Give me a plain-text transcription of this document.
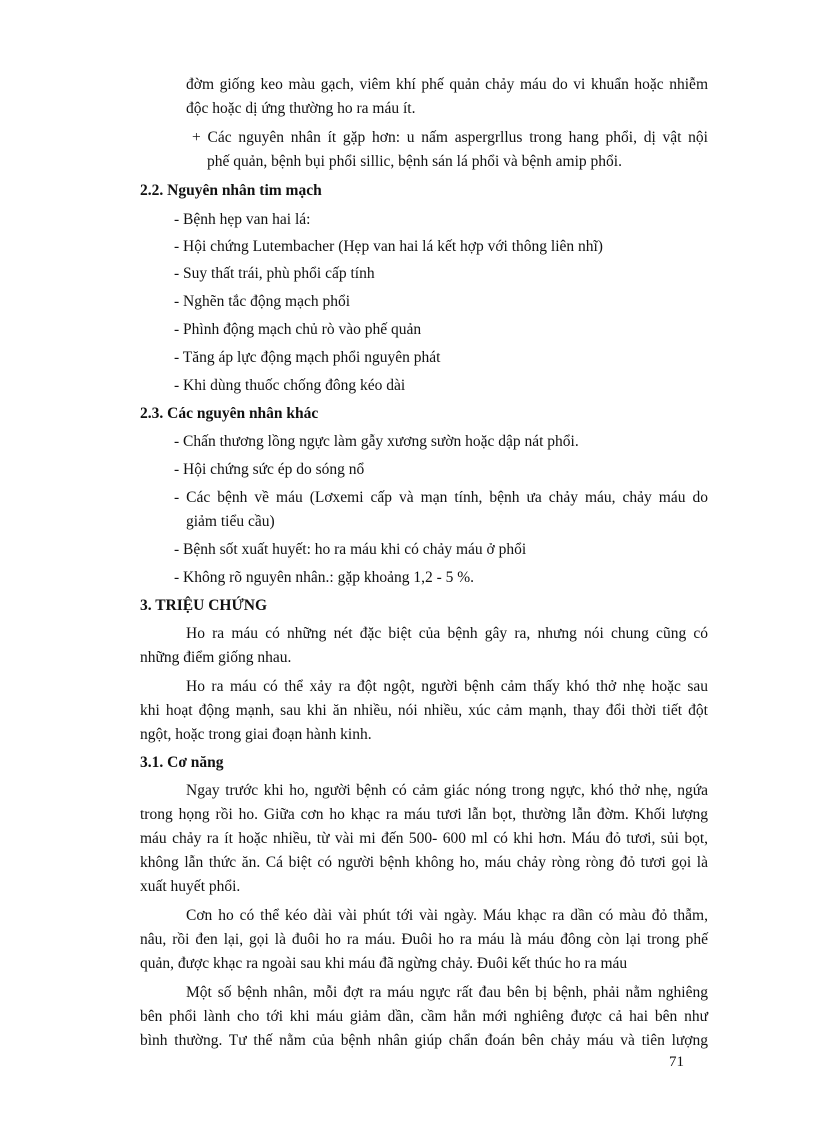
đờm giống keo màu gạch, viêm khí phế quản chảy máu do vi khuẩn hoặc nhiễm
độc hoặc dị ứng thường ho ra máu ít.
+ Các nguyên nhân ít gặp hơn: u nấm aspergrllus trong hang phổi, dị vật nội
phế quản, bệnh bụi phổi sillic, bệnh sán lá phổi và bệnh amip phổi.
2.2. Nguyên nhân tim mạch
- Bệnh hẹp van hai lá:
- Hội chứng Lutembacher (Hẹp van hai lá kết hợp với thông liên nhĩ)
- Suy thất trái, phù phổi cấp tính
- Nghẽn tắc động mạch phổi
- Phình động mạch chủ rò vào phế quản
- Tăng áp lực động mạch phổi nguyên phát
- Khi dùng thuốc chống đông kéo dài
2.3. Các nguyên nhân khác
- Chấn thương lồng ngực làm gẫy xương sườn hoặc dập nát phổi.
- Hội chứng sức ép do sóng nổ
- Các bệnh về máu (Lơxemi cấp và mạn tính, bệnh ưa chảy máu, chảy máu do
giảm tiểu cầu)
- Bệnh sốt xuất huyết: ho ra máu khi có chảy máu ở phổi
- Không rõ nguyên nhân.: gặp khoảng 1,2 - 5 %.
3. TRIỆU CHỨNG
Ho ra máu có những nét đặc biệt của bệnh gây ra, nhưng nói chung cũng có
những điểm giống nhau.
Ho ra máu có thể xảy ra đột ngột, người bệnh cảm thấy khó thở nhẹ hoặc sau
khi hoạt động mạnh, sau khi ăn nhiều, nói nhiều, xúc cảm mạnh, thay đổi thời tiết đột
ngột, hoặc trong giai đoạn hành kinh.
3.1. Cơ năng
Ngay trước khi ho, người bệnh có cảm giác nóng trong ngực, khó thở nhẹ, ngứa
trong họng rồi ho. Giữa cơn ho khạc ra máu tươi lẫn bọt, thường lẫn đờm. Khối lượng
máu chảy ra ít hoặc nhiều, từ vài mi đến 500- 600 ml có khi hơn. Máu đỏ tươi, sủi bọt,
không lẫn thức ăn. Cá biệt có người bệnh không ho, máu chảy ròng ròng đỏ tươi gọi là
xuất huyết phổi.
Cơn ho có thể kéo dài vài phút tới vài ngày. Máu khạc ra dần có màu đỏ thẫm,
nâu, rồi đen lại, gọi là đuôi ho ra máu. Đuôi ho ra máu là máu đông còn lại trong phế
quản, được khạc ra ngoài sau khi máu đã ngừng chảy. Đuôi kết thúc ho ra máu
Một số bệnh nhân, mỗi đợt ra máu ngực rất đau bên bị bệnh, phải nằm nghiêng
bên phổi lành cho tới khi máu giảm dần, cầm hẳn mới nghiêng được cả hai bên như
bình thường. Tư thế nằm của bệnh nhân giúp chẩn đoán bên chảy máu và tiên lượng
71
